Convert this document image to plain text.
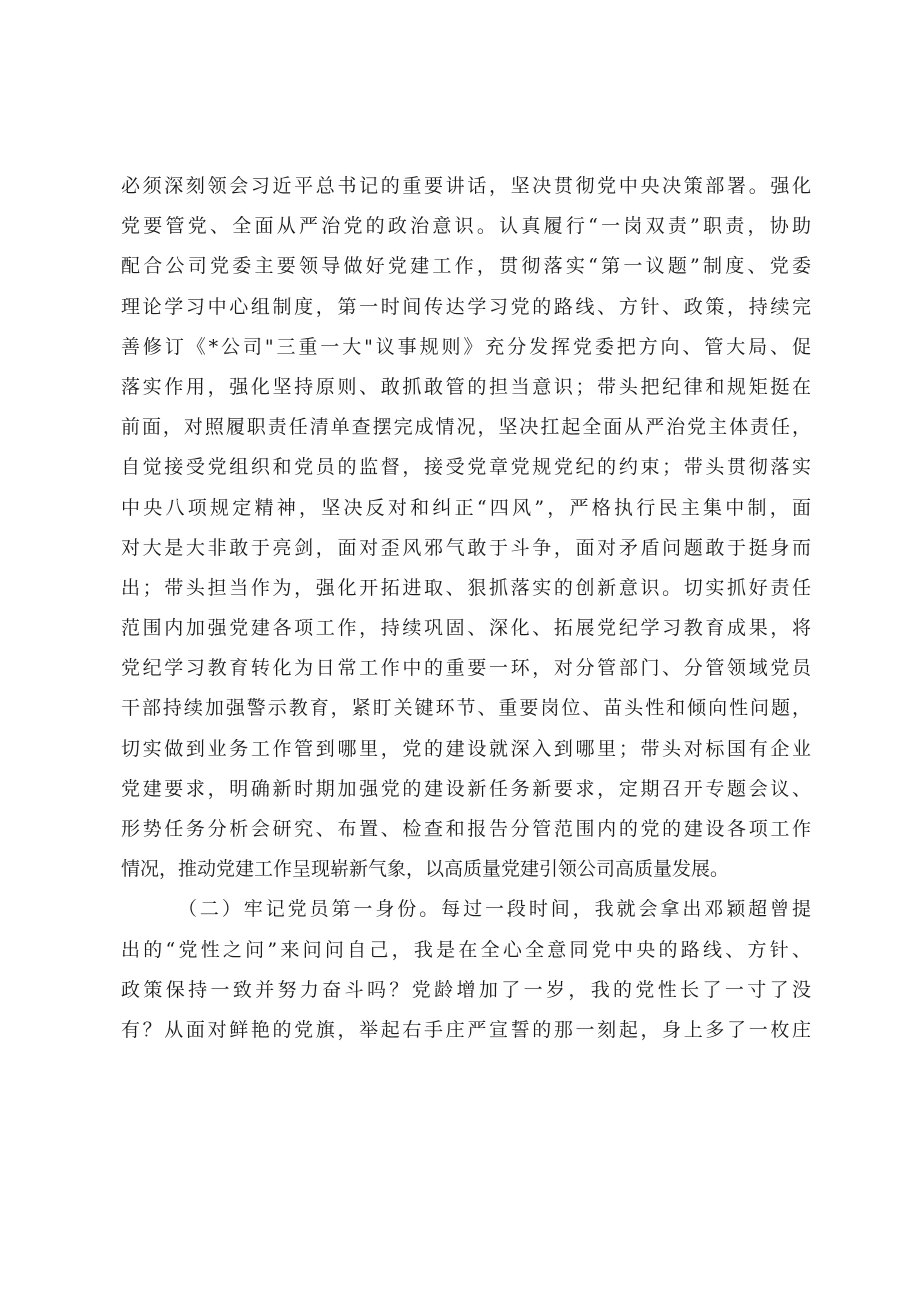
必须深刻领会习近平总书记的重要讲话，坚决贯彻党中央决策部署。强化
党要管党、全面从严治党的政治意识。认真履行“一岗双责”职责，协助
配合公司党委主要领导做好党建工作，贯彻落实“第一议题”制度、党委
理论学习中心组制度，第一时间传达学习党的路线、方针、政策，持续完
善修订《*公司"三重一大"议事规则》充分发挥党委把方向、管大局、促
落实作用，强化坚持原则、敢抓敢管的担当意识；带头把纪律和规矩挺在
前面，对照履职责任清单查摆完成情况，坚决扛起全面从严治党主体责任，
自觉接受党组织和党员的监督，接受党章党规党纪的约束；带头贯彻落实
中央八项规定精神，坚决反对和纠正“四风”，严格执行民主集中制，面
对大是大非敢于亮剑，面对歪风邪气敢于斗争，面对矛盾问题敢于挺身而
出；带头担当作为，强化开拓进取、狠抓落实的创新意识。切实抓好责任
范围内加强党建各项工作，持续巩固、深化、拓展党纪学习教育成果，将
党纪学习教育转化为日常工作中的重要一环，对分管部门、分管领域党员
干部持续加强警示教育，紧盯关键环节、重要岗位、苗头性和倾向性问题，
切实做到业务工作管到哪里，党的建设就深入到哪里；带头对标国有企业
党建要求，明确新时期加强党的建设新任务新要求，定期召开专题会议、
形势任务分析会研究、布置、检查和报告分管范围内的党的建设各项工作
情况，推动党建工作呈现崭新气象，以高质量党建引领公司高质量发展。
（二）牢记党员第一身份。每过一段时间，我就会拿出邓颖超曾提
出的“党性之问”来问问自己，我是在全心全意同党中央的路线、方针、
政策保持一致并努力奋斗吗？党龄增加了一岁，我的党性长了一寸了没
有？从面对鲜艳的党旗，举起右手庄严宣誓的那一刻起，身上多了一枚庄
